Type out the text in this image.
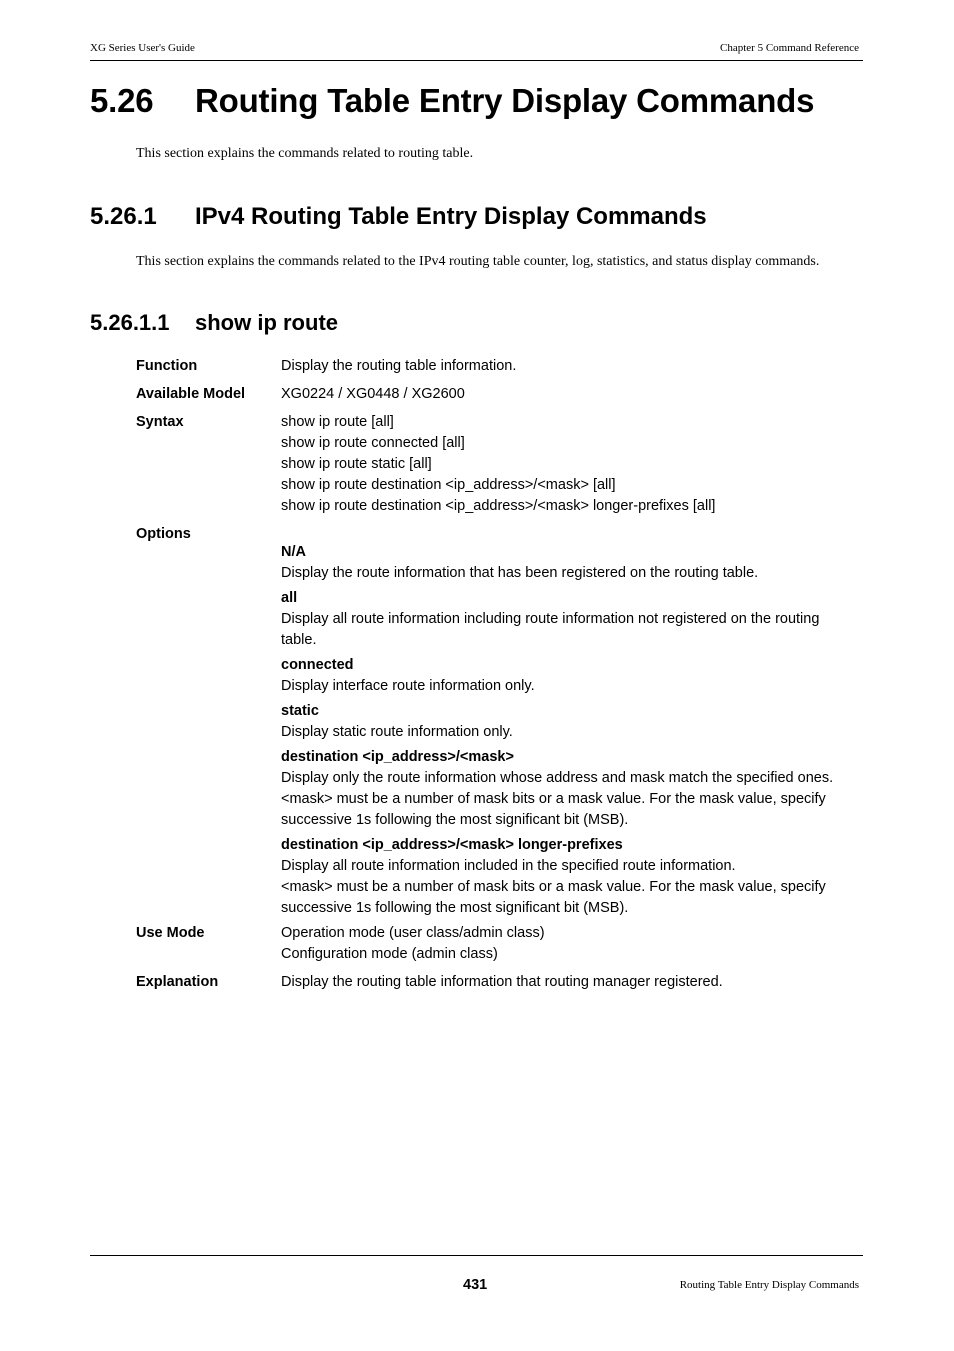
XG Series User's Guide	Chapter 5 Command Reference
5.26 Routing Table Entry Display Commands
This section explains the commands related to routing table.
5.26.1 IPv4 Routing Table Entry Display Commands
This section explains the commands related to the IPv4 routing table counter, log, statistics, and status display commands.
5.26.1.1 show ip route
Function	Display the routing table information.
Available Model	XG0224 / XG0448 / XG2600
Syntax	show ip route [all]
show ip route connected [all]
show ip route static [all]
show ip route destination <ip_address>/<mask> [all]
show ip route destination <ip_address>/<mask> longer-prefixes [all]
Options
N/A
Display the route information that has been registered on the routing table.
all
Display all route information including route information not registered on the routing table.
connected
Display interface route information only.
static
Display static route information only.
destination <ip_address>/<mask>
Display only the route information whose address and mask match the specified ones.
<mask> must be a number of mask bits or a mask value. For the mask value, specify successive 1s following the most significant bit (MSB).
destination <ip_address>/<mask> longer-prefixes
Display all route information included in the specified route information.
<mask> must be a number of mask bits or a mask value. For the mask value, specify successive 1s following the most significant bit (MSB).
Use Mode	Operation mode (user class/admin class)
Configuration mode (admin class)
Explanation	Display the routing table information that routing manager registered.
431	Routing Table Entry Display Commands
